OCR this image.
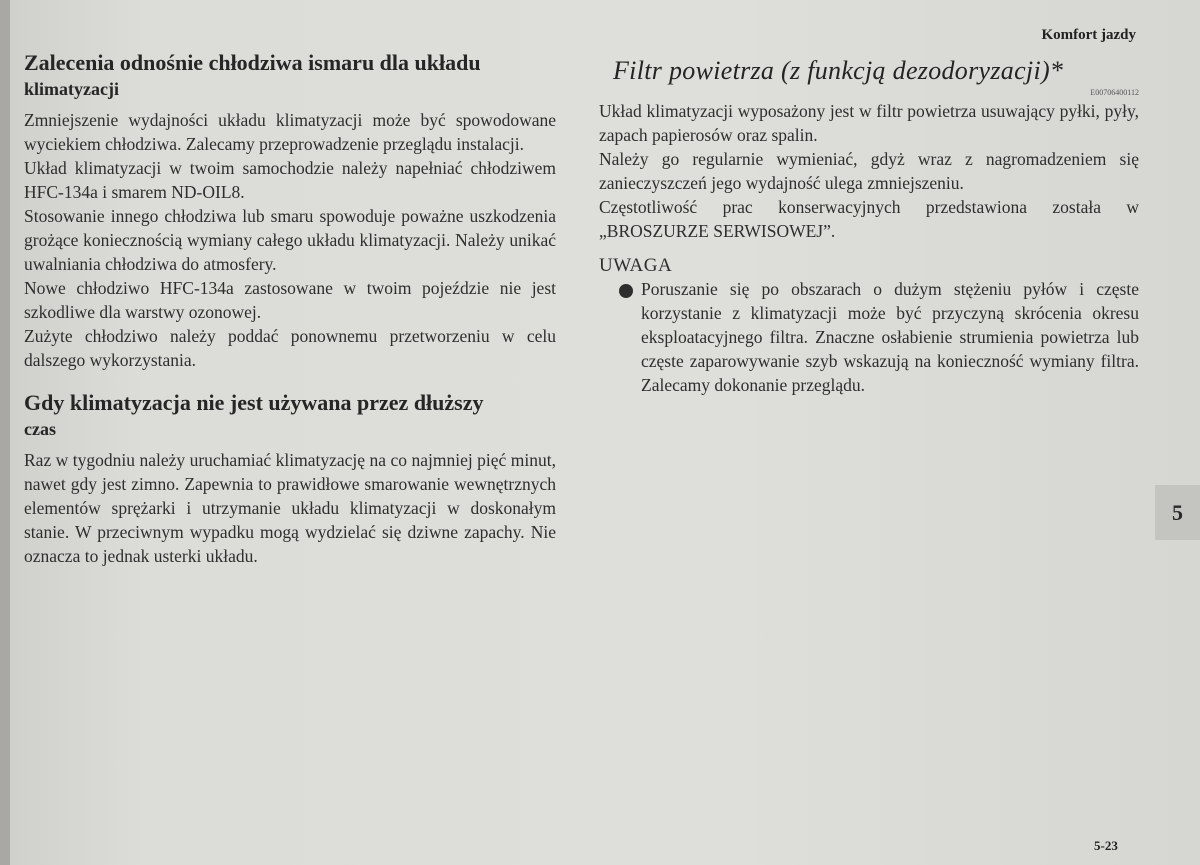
Komfort jazdy
Zalecenia odnośnie chłodziwa ismaru dla układu
klimatyzacji

Zmniejszenie wydajności układu klimatyzacji może być spowodowane wyciekiem chłodziwa. Zalecamy przeprowadzenie przeglądu instalacji.

Układ klimatyzacji w twoim samochodzie należy napełniać chłodziwem HFC-134a i smarem ND-OIL8.

Stosowanie innego chłodziwa lub smaru spowoduje poważne uszkodzenia grożące koniecznością wymiany całego układu klimatyzacji. Należy unikać uwalniania chłodziwa do atmosfery.

Nowe chłodziwo HFC-134a zastosowane w twoim pojeździe nie jest szkodliwe dla warstwy ozonowej.

Zużyte chłodziwo należy poddać ponownemu przetworzeniu w celu dalszego wykorzystania.

Gdy klimatyzacja nie jest używana przez dłuższy
czas

Raz w tygodniu należy uruchamiać klimatyzację na co najmniej pięć minut, nawet gdy jest zimno. Zapewnia to prawidłowe smarowanie wewnętrznych elementów sprężarki i utrzymanie układu klimatyzacji w doskonałym stanie. W przeciwnym wypadku mogą wydzielać się dziwne zapachy. Nie oznacza to jednak usterki układu.

Filtr powietrza (z funkcją dezodoryzacji)*
E00706400112

Układ klimatyzacji wyposażony jest w filtr powietrza usuwający pyłki, pyły, zapach papierosów oraz spalin.

Należy go regularnie wymieniać, gdyż wraz z nagromadzeniem się zanieczyszczeń jego wydajność ulega zmniejszeniu.

Częstotliwość prac konserwacyjnych przedstawiona została w „BROSZURZE SERWISOWEJ”.

UWAGA

Poruszanie się po obszarach o dużym stężeniu pyłów i częste korzystanie z klimatyzacji może być przyczyną skrócenia okresu eksploatacyjnego filtra. Znaczne osłabienie strumienia powietrza lub częste zaparowywanie szyb wskazują na konieczność wymiany filtra. Zalecamy dokonanie przeglądu.

5
5-23
